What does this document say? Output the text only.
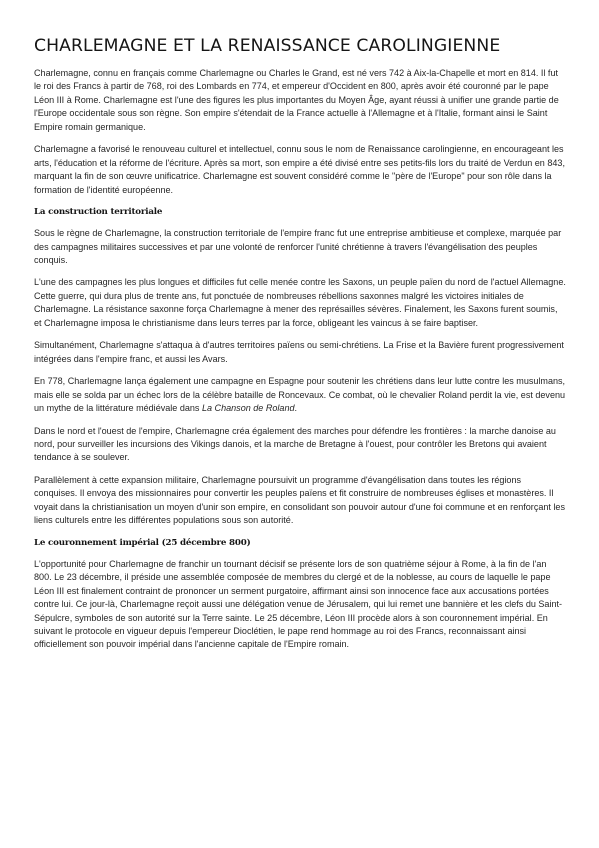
CHARLEMAGNE ET LA RENAISSANCE CAROLINGIENNE

Charlemagne, connu en français comme Charlemagne ou Charles le Grand, est né vers 742 à Aix-la-Chapelle et mort en 814. Il fut le roi des Francs à partir de 768, roi des Lombards en 774, et empereur d'Occident en 800, après avoir été couronné par le pape Léon III à Rome. Charlemagne est l'une des figures les plus importantes du Moyen Âge, ayant réussi à unifier une grande partie de l'Europe occidentale sous son règne. Son empire s'étendait de la France actuelle à l'Allemagne et à l'Italie, formant ainsi le Saint Empire romain germanique.

Charlemagne a favorisé le renouveau culturel et intellectuel, connu sous le nom de Renaissance carolingienne, en encourageant les arts, l'éducation et la réforme de l'écriture. Après sa mort, son empire a été divisé entre ses petits-fils lors du traité de Verdun en 843, marquant la fin de son œuvre unificatrice. Charlemagne est souvent considéré comme le "père de l'Europe" pour son rôle dans la formation de l'identité européenne.

La construction territoriale

Sous le règne de Charlemagne, la construction territoriale de l'empire franc fut une entreprise ambitieuse et complexe, marquée par des campagnes militaires successives et par une volonté de renforcer l'unité chrétienne à travers l'évangélisation des peuples conquis.

L'une des campagnes les plus longues et difficiles fut celle menée contre les Saxons, un peuple païen du nord de l'actuel Allemagne. Cette guerre, qui dura plus de trente ans, fut ponctuée de nombreuses rébellions saxonnes malgré les victoires initiales de Charlemagne. La résistance saxonne força Charlemagne à mener des représailles sévères. Finalement, les Saxons furent soumis, et Charlemagne imposa le christianisme dans leurs terres par la force, obligeant les vaincus à se faire baptiser.

Simultanément, Charlemagne s'attaqua à d'autres territoires païens ou semi-chrétiens. La Frise et la Bavière furent progressivement intégrées dans l'empire franc, et aussi les Avars.

En 778, Charlemagne lança également une campagne en Espagne pour soutenir les chrétiens dans leur lutte contre les musulmans, mais elle se solda par un échec lors de la célèbre bataille de Roncevaux. Ce combat, où le chevalier Roland perdit la vie, est devenu un mythe de la littérature médiévale dans La Chanson de Roland.

Dans le nord et l'ouest de l'empire, Charlemagne créa également des marches pour défendre les frontières : la marche danoise au nord, pour surveiller les incursions des Vikings danois, et la marche de Bretagne à l'ouest, pour contrôler les Bretons qui avaient tendance à se soulever.

Parallèlement à cette expansion militaire, Charlemagne poursuivit un programme d'évangélisation dans toutes les régions conquises. Il envoya des missionnaires pour convertir les peuples païens et fit construire de nombreuses églises et monastères. Il voyait dans la christianisation un moyen d'unir son empire, en consolidant son pouvoir autour d'une foi commune et en renforçant les liens culturels entre les différentes populations sous son autorité.

Le couronnement impérial (25 décembre 800)

L'opportunité pour Charlemagne de franchir un tournant décisif se présente lors de son quatrième séjour à Rome, à la fin de l'an 800. Le 23 décembre, il préside une assemblée composée de membres du clergé et de la noblesse, au cours de laquelle le pape Léon III est finalement contraint de prononcer un serment purgatoire, affirmant ainsi son innocence face aux accusations portées contre lui. Ce jour-là, Charlemagne reçoit aussi une délégation venue de Jérusalem, qui lui remet une bannière et les clefs du Saint-Sépulcre, symboles de son autorité sur la Terre sainte. Le 25 décembre, Léon III procède alors à son couronnement impérial. En suivant le protocole en vigueur depuis l'empereur Dioclétien, le pape rend hommage au roi des Francs, reconnaissant ainsi officiellement son pouvoir impérial dans l'ancienne capitale de l'Empire romain.
